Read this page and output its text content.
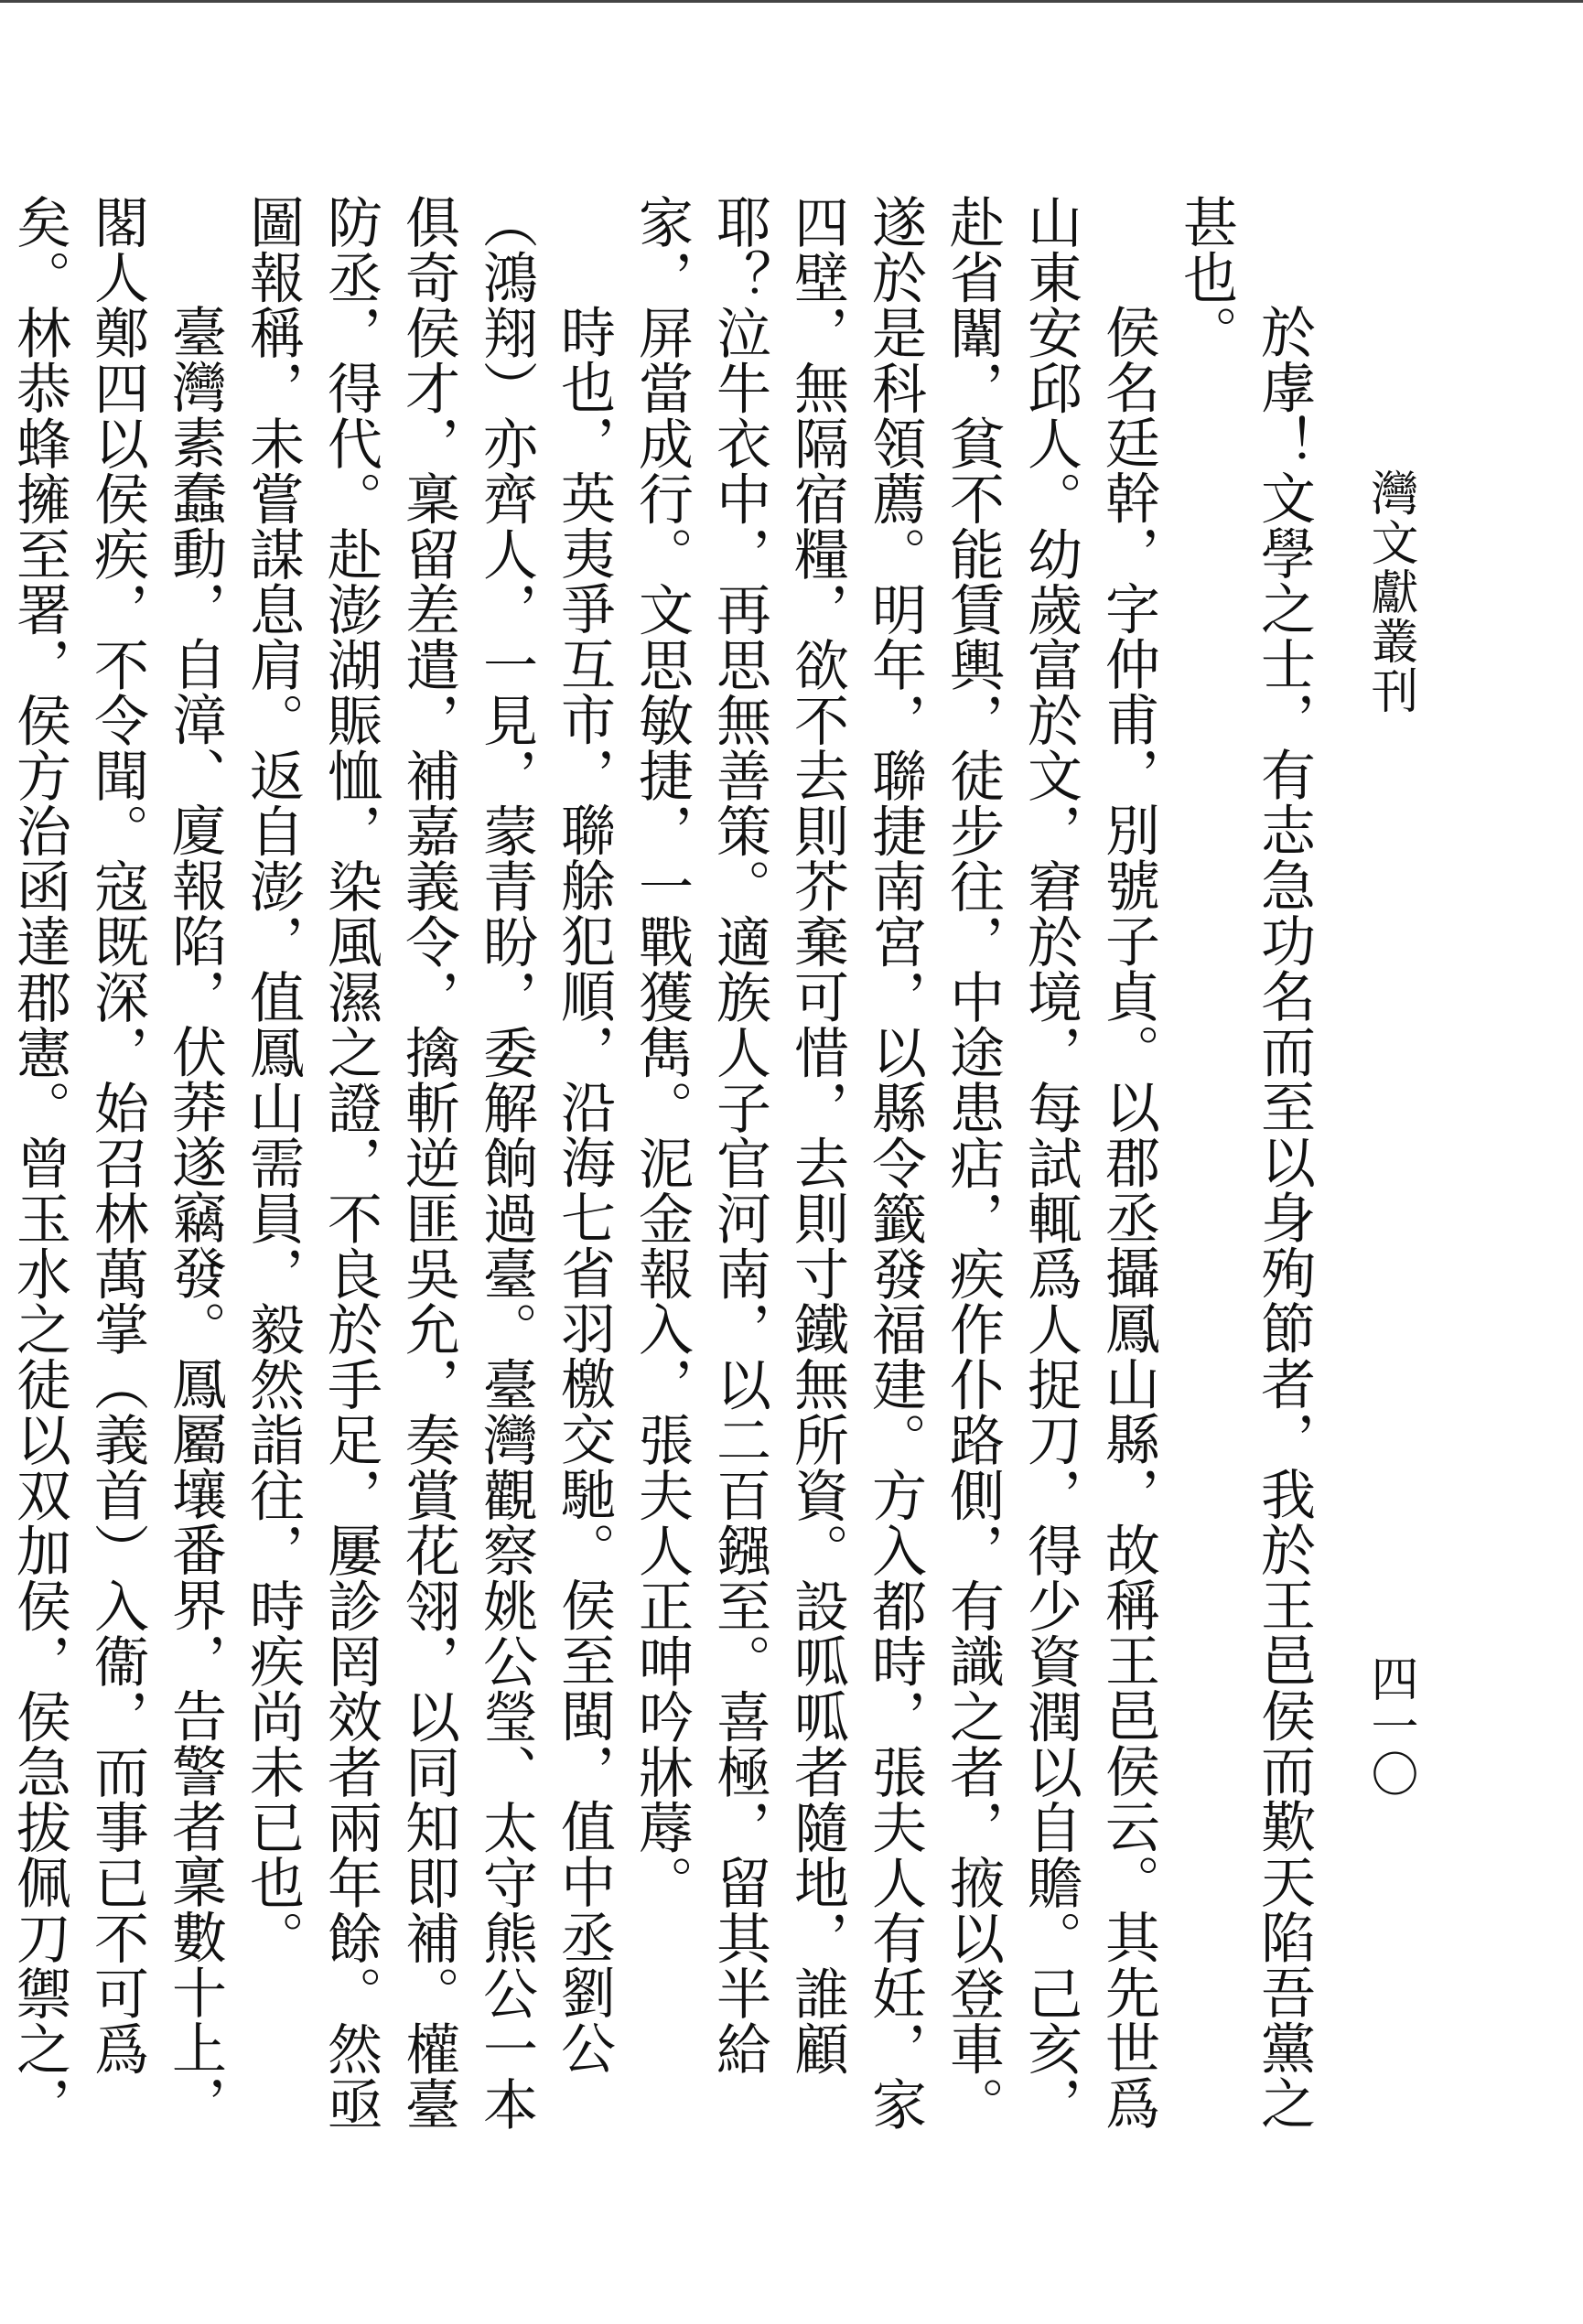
灣文獻叢刊
四一〇

於虖！文學之士，有志急功名而至以身殉節者，我於王邑侯而歎天陷吾黨之甚也。

侯名廷幹，字仲甫，別號子貞。以郡丞攝鳳山縣，故稱王邑侯云。其先世爲山東安邱人。幼歲富於文，窘於境，每試輒爲人捉刀，得少資潤以自贍。己亥，赴省闈，貧不能賃輿，徒步往，中途患痁，疾作仆路側，有識之者，掖以登車。遂於是科領薦。明年，聯捷南宮，以縣令籤發福建。方入都時，張夫人有妊，家四壁，無隔宿糧，欲不去則芥棄可惜，去則寸鐵無所資。設呱呱者隨地，誰顧耶？泣牛衣中，再思無善策。適族人子官河南，以二百鏹至。喜極，留其半給家，屏當成行。文思敏捷，一戰獲雋。泥金報入，張夫人正呻吟牀蓐。

時也，英夷爭互市，聯艅犯順，沿海七省羽檄交馳。侯至閩，值中丞劉公（鴻翔）亦齊人，一見，蒙青盼，委解餉過臺。臺灣觀察姚公瑩、太守熊公一本俱奇侯才，稟留差遣，補嘉義令，擒斬逆匪吳允，奏賞花翎，以同知即補。權臺防丞，得代。赴澎湖賑恤，染風濕之證，不良於手足，屢診罔效者兩年餘。然亟圖報稱，未嘗謀息肩。返自澎，值鳳山需員，毅然詣往，時疾尚未已也。

臺灣素蠢動，自漳、廈報陷，伏莽遂竊發。鳳屬壤番界，告警者稟數十上，閣人鄭四以侯疾，不令聞。寇既深，始召林萬掌（義首）入衞，而事已不可爲矣。林恭蜂擁至署，侯方治函達郡憲。曾玉水之徒以双加侯，侯急拔佩刀禦之，
